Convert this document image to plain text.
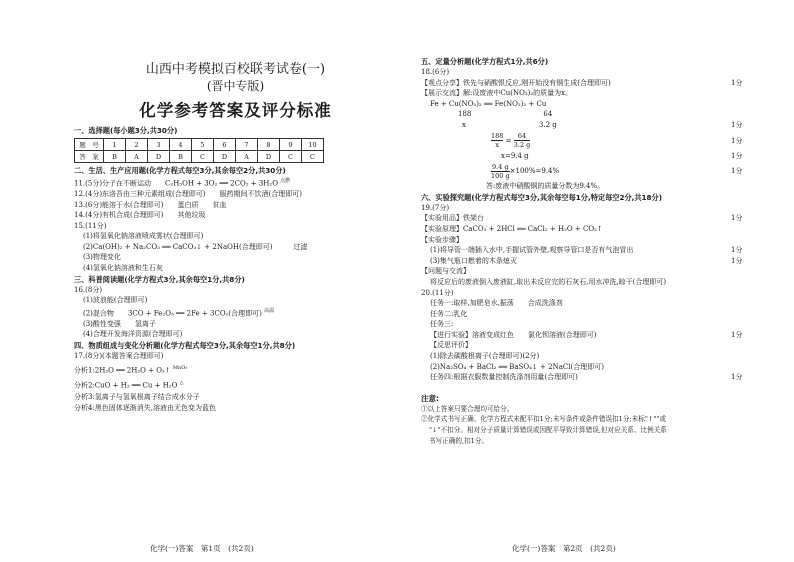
山西中考模拟百校联考试卷(一)
(晋中专版)
化学参考答案及评分标准
一、选择题(每小题3分,共30分)
题　号	1	2	3	4	5	6	7	8	9	10
答　案	B	A	D	B	C	D	A	D	C	C
二、生活、生产应用题(化学方程式每空3分,其余每空2分,共30分)
11.(5分)分子在不断运动　　C₂H₅OH + 3O₂ ══ 2CO₂ + 3H₂O $^{点燃}$
12.(4分)东洛吾由三种元素组成(合理即可)　　服药期间不饮酒(合理即可)
13.(6分)能溶于水(合理即可)　　蛋白质　　贫血
14.(4分)有机合成(合理即可)　　其他垃圾
15.(11分)
(1)将氢氧化钠溶液喷成雾状(合理即可)
(2)Ca(OH)₂ + Na₂CO₃ ══ CaCO₃↓ + 2NaOH(合理即可)　　　过滤
(3)物理变化
(4)氢氧化钠溶液和生石灰
三、科普阅读题(化学方程式3分,其余每空1分,共8分)
16.(8分)
(1)波浪能(合理即可)
(2)混合物　　3CO + Fe₂O₃ ══ 2Fe + 3CO₂(合理即可) $^{高温}$
(3)酸性变强　　氢离子
(4)合理开发海洋资源(合理即可)
四、物质组成与变化分析题(化学方程式每空3分,其余每空1分,共8分)
17.(8分)(本题答案合理即可)
分析1:2H₂O ══ 2H₂O + O₂↑ $^{MnO_2}$
分析2:CuO + H₂ ══ Cu + H₂O △
分析3:氢离子与氢氧根离子结合成水分子
分析4:黑色固体逐渐消失,溶液由无色变为蓝色
化学(一)答案　第1页　(共2页)
五、定量分析题(化学方程式1分,共6分)
18.(6分)
【观点分享】铁先与硝酸银反应,刚开始没有铜生成(合理即可)	1分
【展示交流】解:设废液中Cu(NO₃)₂的质量为x。
Fe + Cu(NO₃)₂ ══ Fe(NO₃)₂ + Cu
188	64
x	3.2 g	1分
$\frac{188}{x} = \frac{64}{3.2 g}$	1分
x=9.4 g	1分
$\frac{9.4 g}{100 g} \times 100\%=9.4\%$	1分
答:废液中硝酸铜的质量分数为9.4%。
六、实验探究题(化学方程式每空3分,其余每空每1分,特定每空2分,共18分)
19.(7分)
【实验用品】铁架台	1分
【实验原理】CaCO₃ + 2HCl ══ CaCl₂ + H₂O + CO₂↑
【实验步骤】
(1)将导管一端插入水中,手握试管外壁,观察导管口是否有气泡冒出	1分
(3)集气瓶口燃着的木条熄灭	1分
【问题与交流】
将反应后的废液倒入废液缸,取出未反应完的石灰石,用水冲洗,晾干(合理即可)
20.(11分)
任务一:取样,加肥皂水,振荡　　合成洗涤剂
任务二:乳化
任务三:
【进行实验】溶液变成红色　　氯化钡溶液(合理即可)	1分
【反思评价】
(1)除去碳酸根离子(合理即可)(2分)
(2)Na₂SO₄ + BaCl₂ ══ BaSO₄↓ + 2NaCl(合理即可)
任务四:根据衣服数量控制洗涤剂用量(合理即可)	1分
注意:
①以上答案只要合理均可给分。
②化学式书写正确、化学方程式未配平扣1分;未写条件或条件错误扣1分;未标"↑""或
"↓"不扣分。相对分子质量计算错误或因配平导致计算错误,但对应关系、比例关系
书写正确的,扣1分。
化学(一)答案　第2页　(共2页)
